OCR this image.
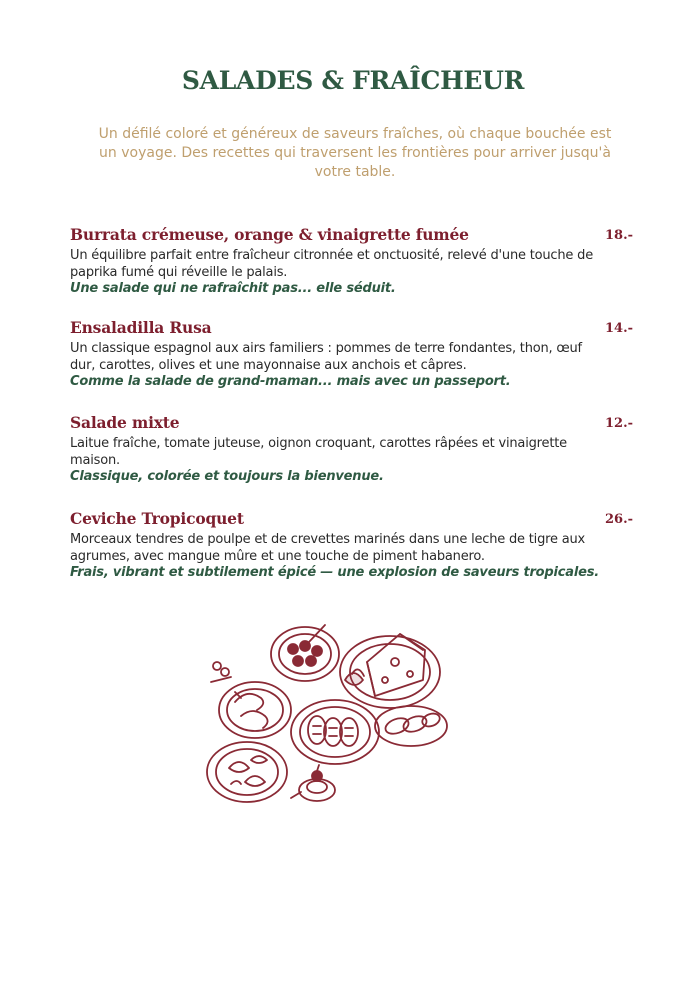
SALADES & FRAÎCHEUR
Un défilé coloré et généreux de saveurs fraîches, où chaque bouchée est un voyage. Des recettes qui traversent les frontières pour arriver jusqu'à votre table.
Burrata crémeuse, orange & vinaigrette fumée	18.-
Un équilibre parfait entre fraîcheur citronnée et onctuosité, relevé d'une touche de paprika fumé qui réveille le palais.
Une salade qui ne rafraîchit pas... elle séduit.
Ensaladilla Rusa	14.-
Un classique espagnol aux airs familiers : pommes de terre fondantes, thon, œuf dur, carottes, olives et une mayonnaise aux anchois et câpres.
Comme la salade de grand-maman... mais avec un passeport.
Salade mixte	12.-
Laitue fraîche, tomate juteuse, oignon croquant, carottes râpées et vinaigrette maison.
Classique, colorée et toujours la bienvenue.
Ceviche Tropicoquet	26.-
Morceaux tendres de poulpe et de crevettes marinés dans une leche de tigre aux agrumes, avec mangue mûre et une touche de piment habanero.
Frais, vibrant et subtilement épicé — une explosion de saveurs tropicales.
